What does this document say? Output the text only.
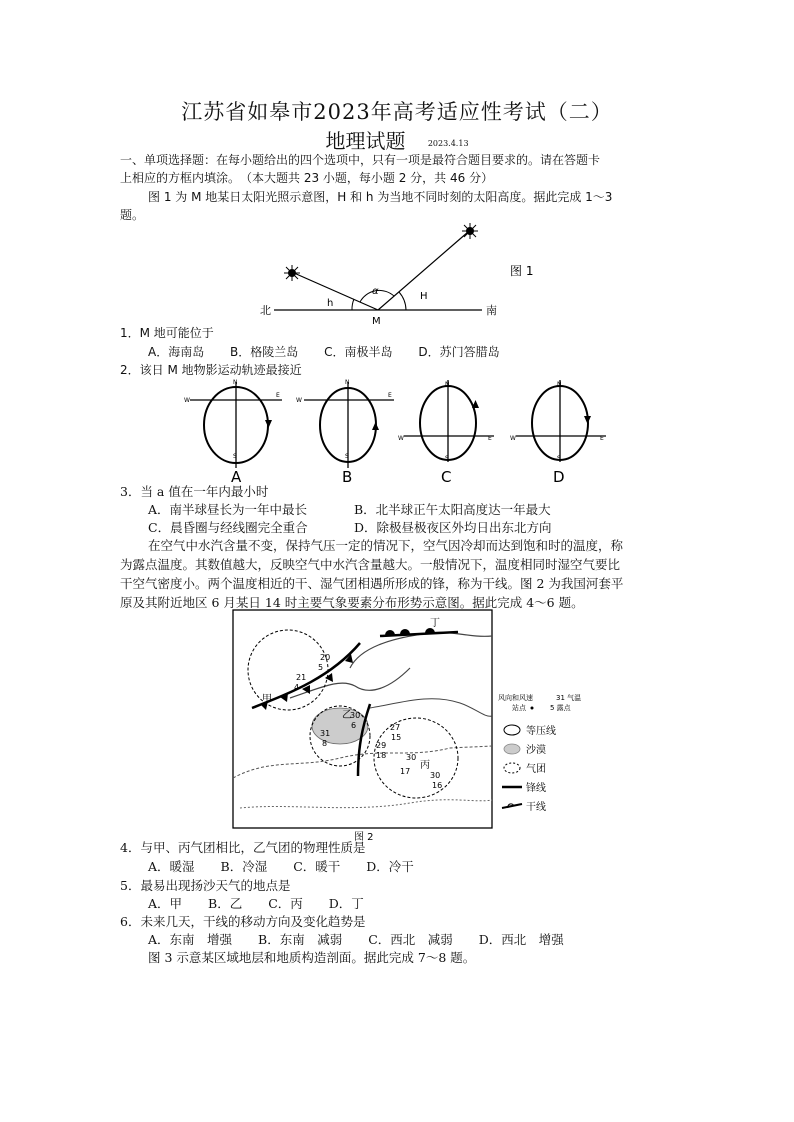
江苏省如皋市2023年高考适应性考试（二）
地理试题	2023.4.13
一、单项选择题：在每小题给出的四个选项中，只有一项是最符合题目要求的。请在答题卡
上相应的方框内填涂。　（本大题共 23 小题，每小题 2 分，共 46 分）
图 1 为 M 地某日太阳光照示意图，H 和 h 为当地不同时刻的太阳高度。据此完成 1～3
题。
北	南
M
h
H
α
图 1
1．M 地可能位于
A．海南岛 B．格陵兰岛 C．南极半岛 D．苏门答腊岛
2．该日 M 地物影运动轨迹最接近
N
S
W
E
A
N
S
W
E
B
N
S
W	E
C
N
S
W	E
D
3．当 a 值在一年内最小时
A．南半球昼长为一年中最长	B．北半球正午太阳高度达一年最大
C．晨昏圈与经线圈完全重合	D．除极昼极夜区外均日出东北方向
在空气中水汽含量不变，保持气压一定的情况下，空气因冷却而达到饱和时的温度，称
为露点温度。其数值越大，反映空气中水汽含量越大。一般情况下，温度相同时湿空气要比
干空气密度小。两个温度相近的干、湿气团相遇所形成的锋，称为干线。图 2 为我国河套平
原及其附近地区 6 月某日 14 时主要气象要素分布形势示意图。据此完成 4～6 题。
20
5
21
4
30
6
31
8
27
15
29
18 30
17 30
16
丁
甲
乙
丙
风向和风速	31 气温
站点	5 露点
等压线
沙漠
气团
锋线
干线
图 2
4．与甲、丙气团相比，乙气团的物理性质是
A．暖湿 B．冷湿 C．暖干 D．冷干
5．最易出现扬沙天气的地点是
A．甲 B．乙 C．丙 D．丁
6．未来几天，干线的移动方向及变化趋势是
A．东南　增强 B．东南　减弱 C．西北　减弱 D．西北　增强
图 3 示意某区域地层和地质构造剖面。据此完成 7～8 题。
